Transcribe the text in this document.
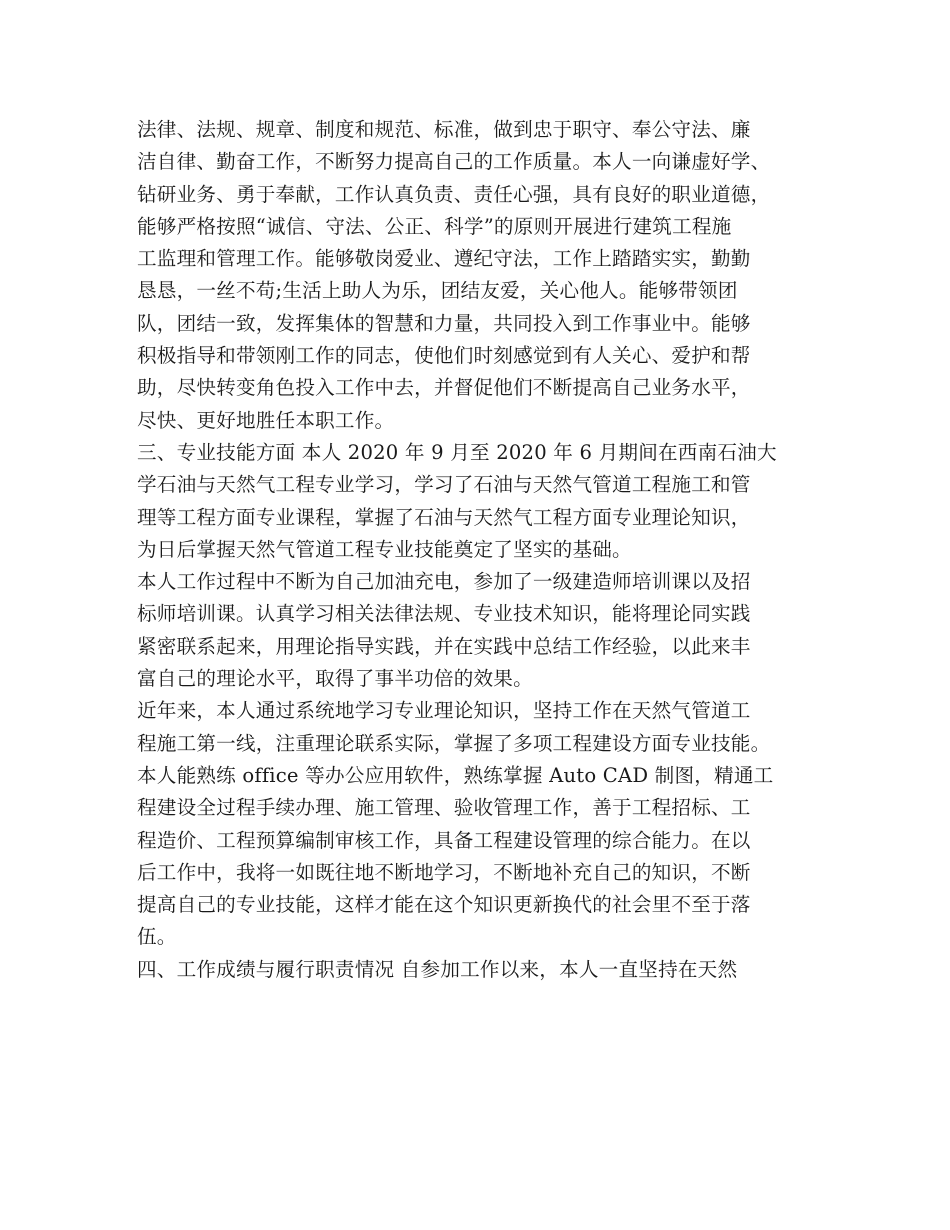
法律、法规、规章、制度和规范、标准，做到忠于职守、奉公守法、廉
洁自律、勤奋工作，不断努力提高自己的工作质量。本人一向谦虚好学、
钻研业务、勇于奉献，工作认真负责、责任心强，具有良好的职业道德，
能够严格按照“诚信、守法、公正、科学”的原则开展进行建筑工程施
工监理和管理工作。能够敬岗爱业、遵纪守法，工作上踏踏实实，勤勤
恳恳，一丝不苟;生活上助人为乐，团结友爱，关心他人。能够带领团
队，团结一致，发挥集体的智慧和力量，共同投入到工作事业中。能够
积极指导和带领刚工作的同志，使他们时刻感觉到有人关心、爱护和帮
助，尽快转变角色投入工作中去，并督促他们不断提高自己业务水平，
尽快、更好地胜任本职工作。
三、专业技能方面 本人 2020 年 9 月至 2020 年 6 月期间在西南石油大
学石油与天然气工程专业学习，学习了石油与天然气管道工程施工和管
理等工程方面专业课程，掌握了石油与天然气工程方面专业理论知识，
为日后掌握天然气管道工程专业技能奠定了坚实的基础。
本人工作过程中不断为自己加油充电，参加了一级建造师培训课以及招
标师培训课。认真学习相关法律法规、专业技术知识，能将理论同实践
紧密联系起来，用理论指导实践，并在实践中总结工作经验，以此来丰
富自己的理论水平，取得了事半功倍的效果。
近年来，本人通过系统地学习专业理论知识，坚持工作在天然气管道工
程施工第一线，注重理论联系实际，掌握了多项工程建设方面专业技能。
本人能熟练 office 等办公应用软件，熟练掌握 Auto CAD 制图，精通工
程建设全过程手续办理、施工管理、验收管理工作，善于工程招标、工
程造价、工程预算编制审核工作，具备工程建设管理的综合能力。在以
后工作中，我将一如既往地不断地学习，不断地补充自己的知识，不断
提高自己的专业技能，这样才能在这个知识更新换代的社会里不至于落
伍。
四、工作成绩与履行职责情况 自参加工作以来，本人一直坚持在天然
